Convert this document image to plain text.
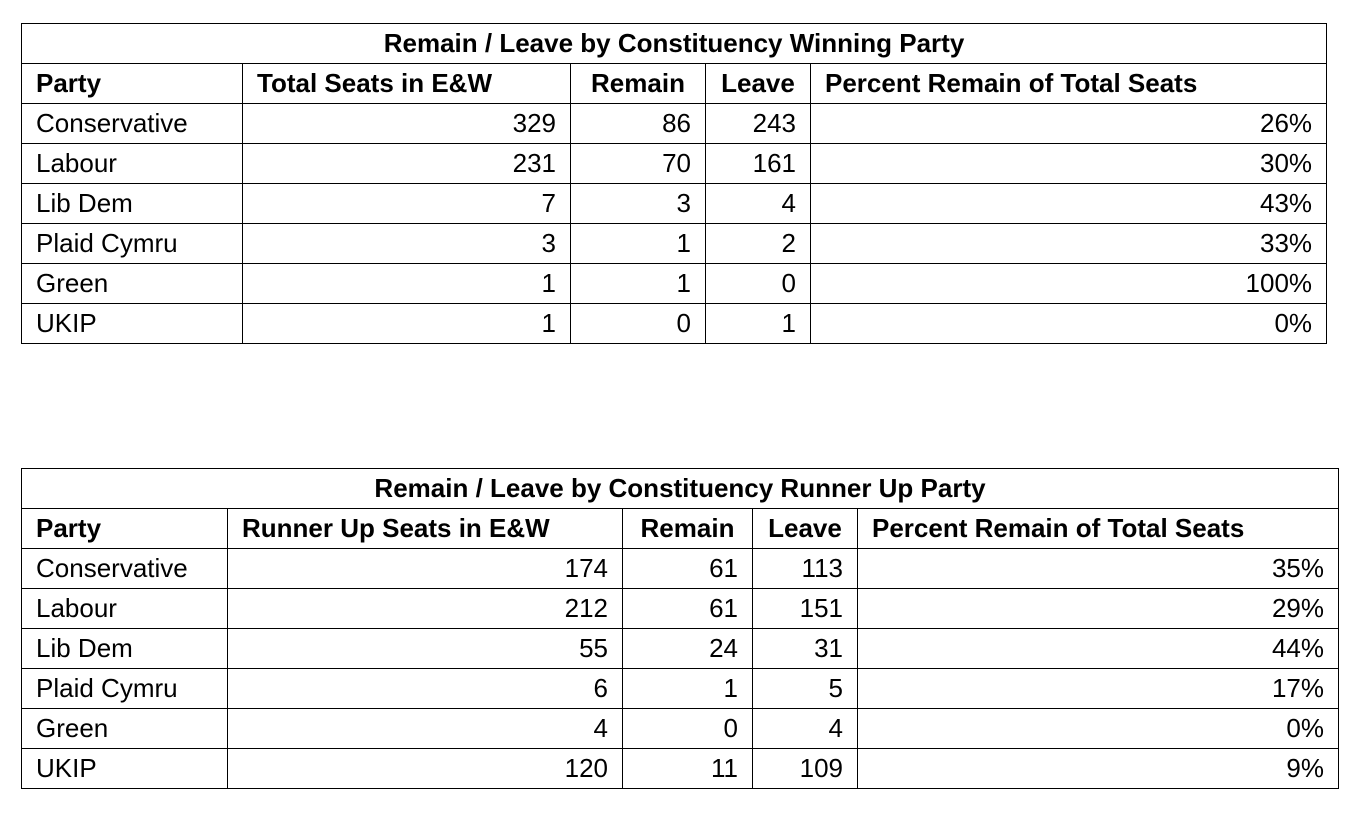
Remain / Leave by Constituency Winning Party				
Party	Total Seats in E&W	Remain	Leave	Percent Remain of Total Seats
Conservative	329	86	243	26%
Labour	231	70	161	30%
Lib Dem	7	3	4	43%
Plaid Cymru	3	1	2	33%
Green	1	1	0	100%
UKIP	1	0	1	0%
Remain / Leave by Constituency Runner Up Party				
Party	Runner Up Seats in E&W	Remain	Leave	Percent Remain of Total Seats
Conservative	174	61	113	35%
Labour	212	61	151	29%
Lib Dem	55	24	31	44%
Plaid Cymru	6	1	5	17%
Green	4	0	4	0%
UKIP	120	11	109	9%
